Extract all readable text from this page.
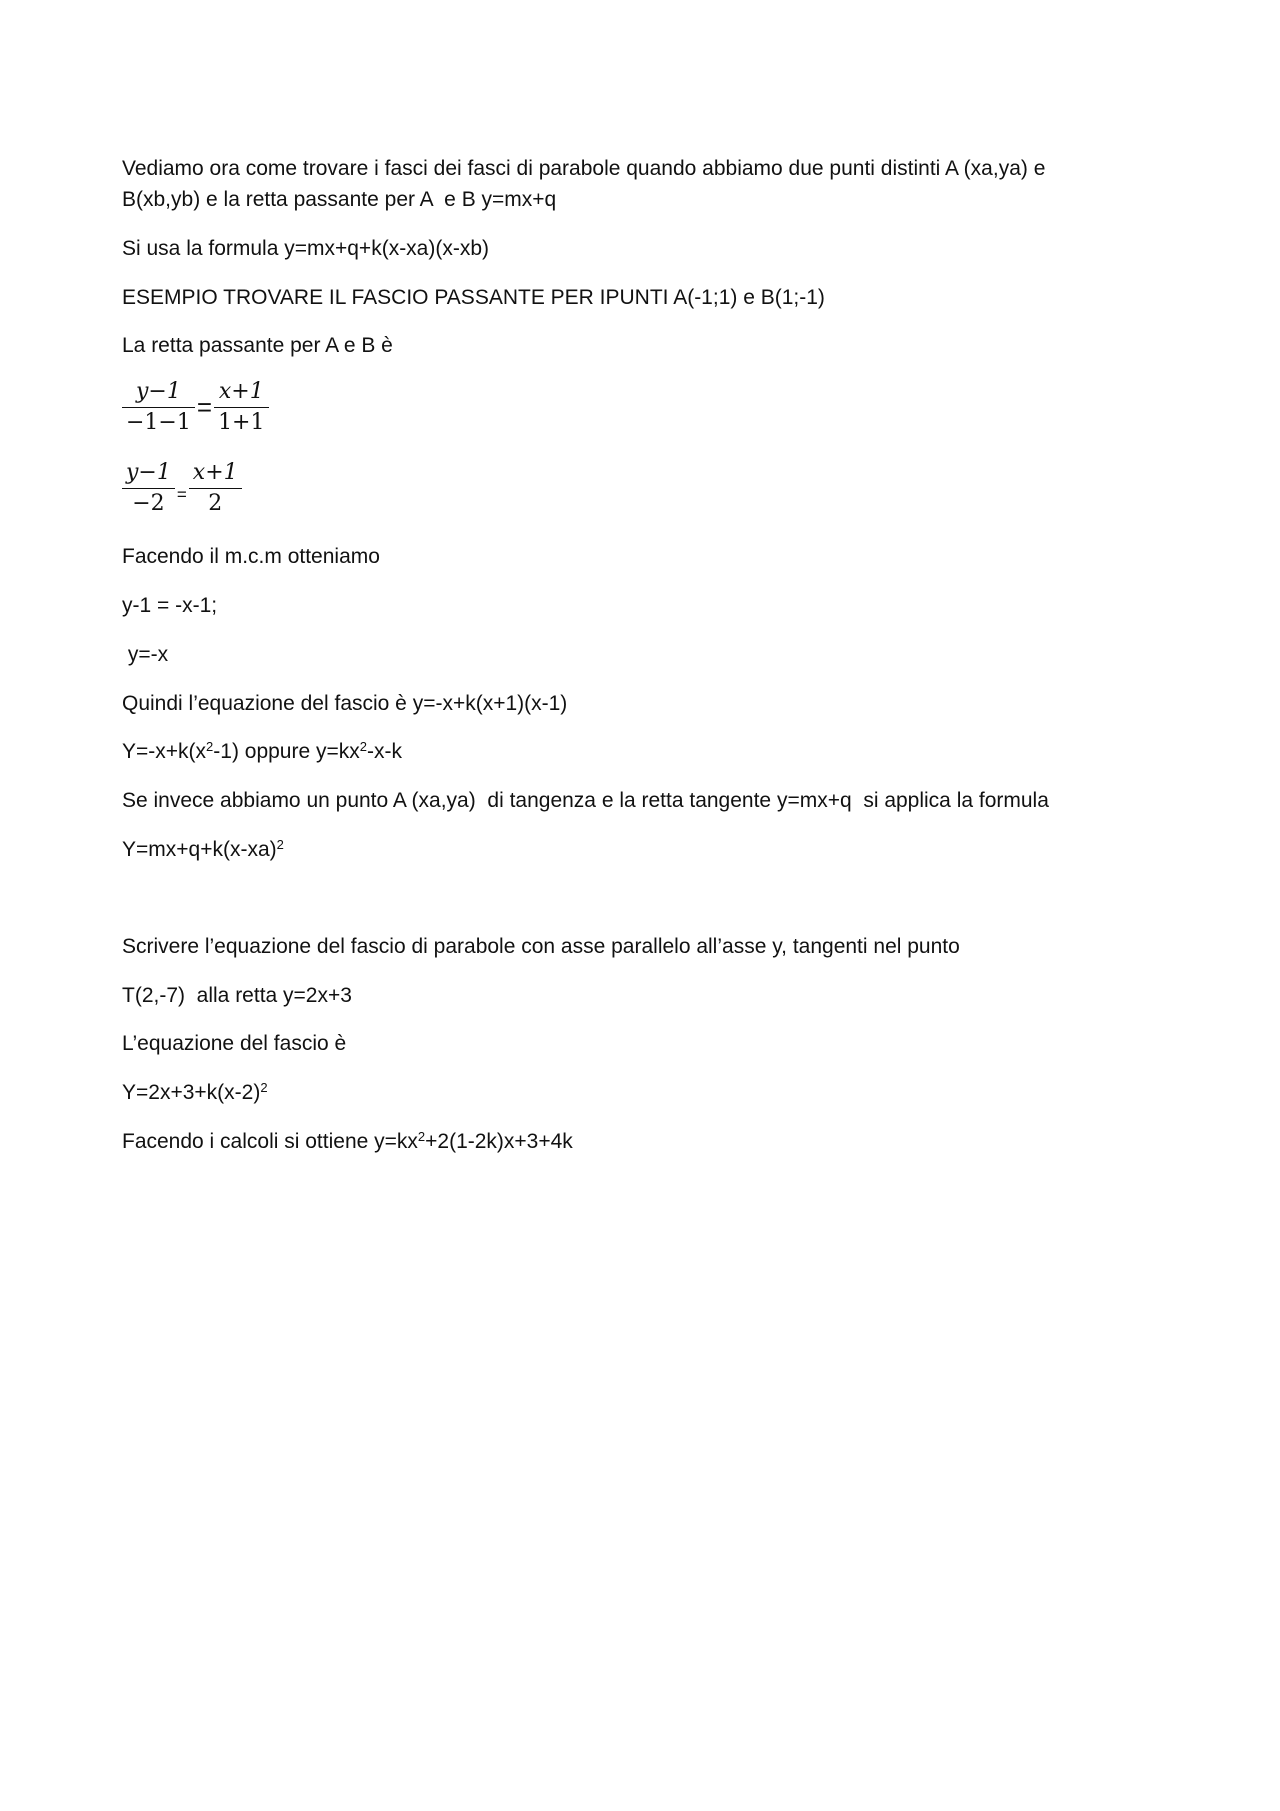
Vediamo ora come trovare i fasci dei fasci di parabole quando abbiamo due punti distinti A (xa,ya) e
B(xb,yb) e la retta passante per A  e B y=mx+q
Si usa la formula y=mx+q+k(x-xa)(x-xb)
ESEMPIO TROVARE IL FASCIO PASSANTE PER IPUNTI A(-1;1) e B(1;-1)
La retta passante per A e B è
$\frac{y-1}{-1-1} = \frac{x+1}{1+1}$
$\frac{y-1}{-2} = \frac{x+1}{2}$
Facendo il m.c.m otteniamo
y-1 = -x-1;
y=-x
Quindi l’equazione del fascio è y=-x+k(x+1)(x-1)
$Y=-x+k(x^2-1)$ oppure $y=kx^2-x-k$
Se invece abbiamo un punto A (xa,ya)  di tangenza e la retta tangente y=mx+q  si applica la formula
$Y=mx+q+k(x-xa)^2$
Scrivere l’equazione del fascio di parabole con asse parallelo all’asse y, tangenti nel punto
T(2,-7)  alla retta y=2x+3
L’equazione del fascio è
$Y=2x+3+k(x-2)^2$
Facendo i calcoli si ottiene $y=kx^2+2(1-2k)x+3+4k$
